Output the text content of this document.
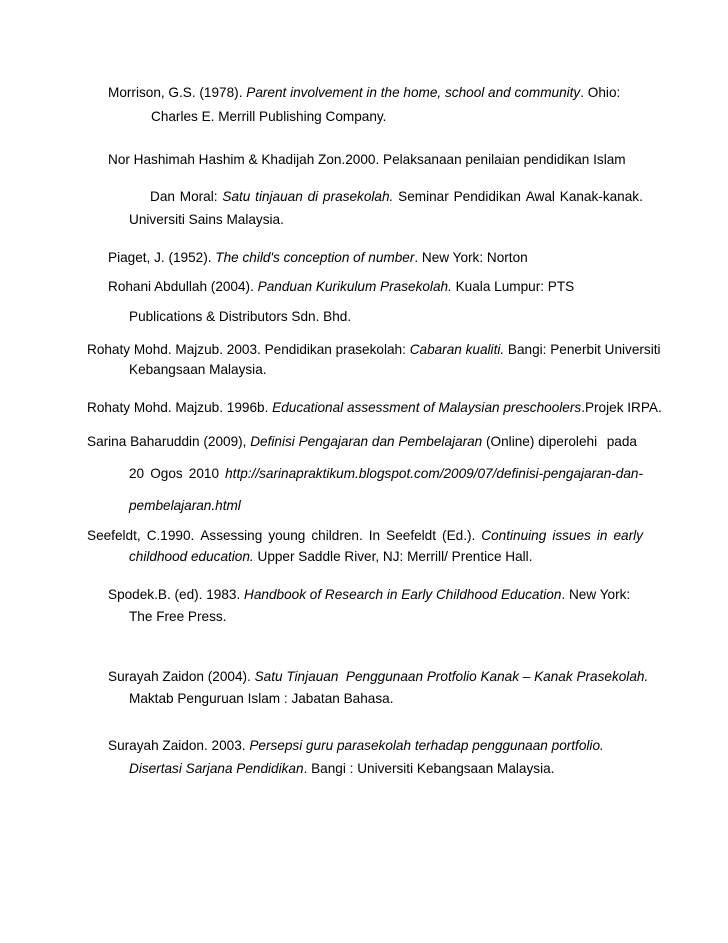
Morrison, G.S. (1978). Parent involvement in the home, school and community. Ohio:
Charles E. Merrill Publishing Company.
Nor Hashimah Hashim & Khadijah Zon.2000. Pelaksanaan penilaian pendidikan Islam
Dan Moral: Satu tinjauan di prasekolah. Seminar Pendidikan Awal Kanak-kanak.
Universiti Sains Malaysia.
Piaget, J. (1952). The child's conception of number. New York: Norton
Rohani Abdullah (2004). Panduan Kurikulum Prasekolah. Kuala Lumpur: PTS
Publications & Distributors Sdn. Bhd.
Rohaty Mohd. Majzub. 2003. Pendidikan prasekolah: Cabaran kualiti. Bangi: Penerbit Universiti
Kebangsaan Malaysia.
Rohaty Mohd. Majzub. 1996b. Educational assessment of Malaysian preschoolers.Projek IRPA.
Sarina Baharuddin (2009), Definisi Pengajaran dan Pembelajaran (Online) diperolehi pada
20 Ogos 2010 http://sarinapraktikum.blogspot.com/2009/07/definisi-pengajaran-dan-
pembelajaran.html
Seefeldt, C.1990. Assessing young children. In Seefeldt (Ed.). Continuing issues in early
childhood education. Upper Saddle River, NJ: Merrill/ Prentice Hall.
Spodek.B. (ed). 1983. Handbook of Research in Early Childhood Education. New York:
The Free Press.
Surayah Zaidon (2004). Satu Tinjauan  Penggunaan Protfolio Kanak – Kanak Prasekolah.
Maktab Penguruan Islam : Jabatan Bahasa.
Surayah Zaidon. 2003. Persepsi guru parasekolah terhadap penggunaan portfolio.
Disertasi Sarjana Pendidikan. Bangi : Universiti Kebangsaan Malaysia.
